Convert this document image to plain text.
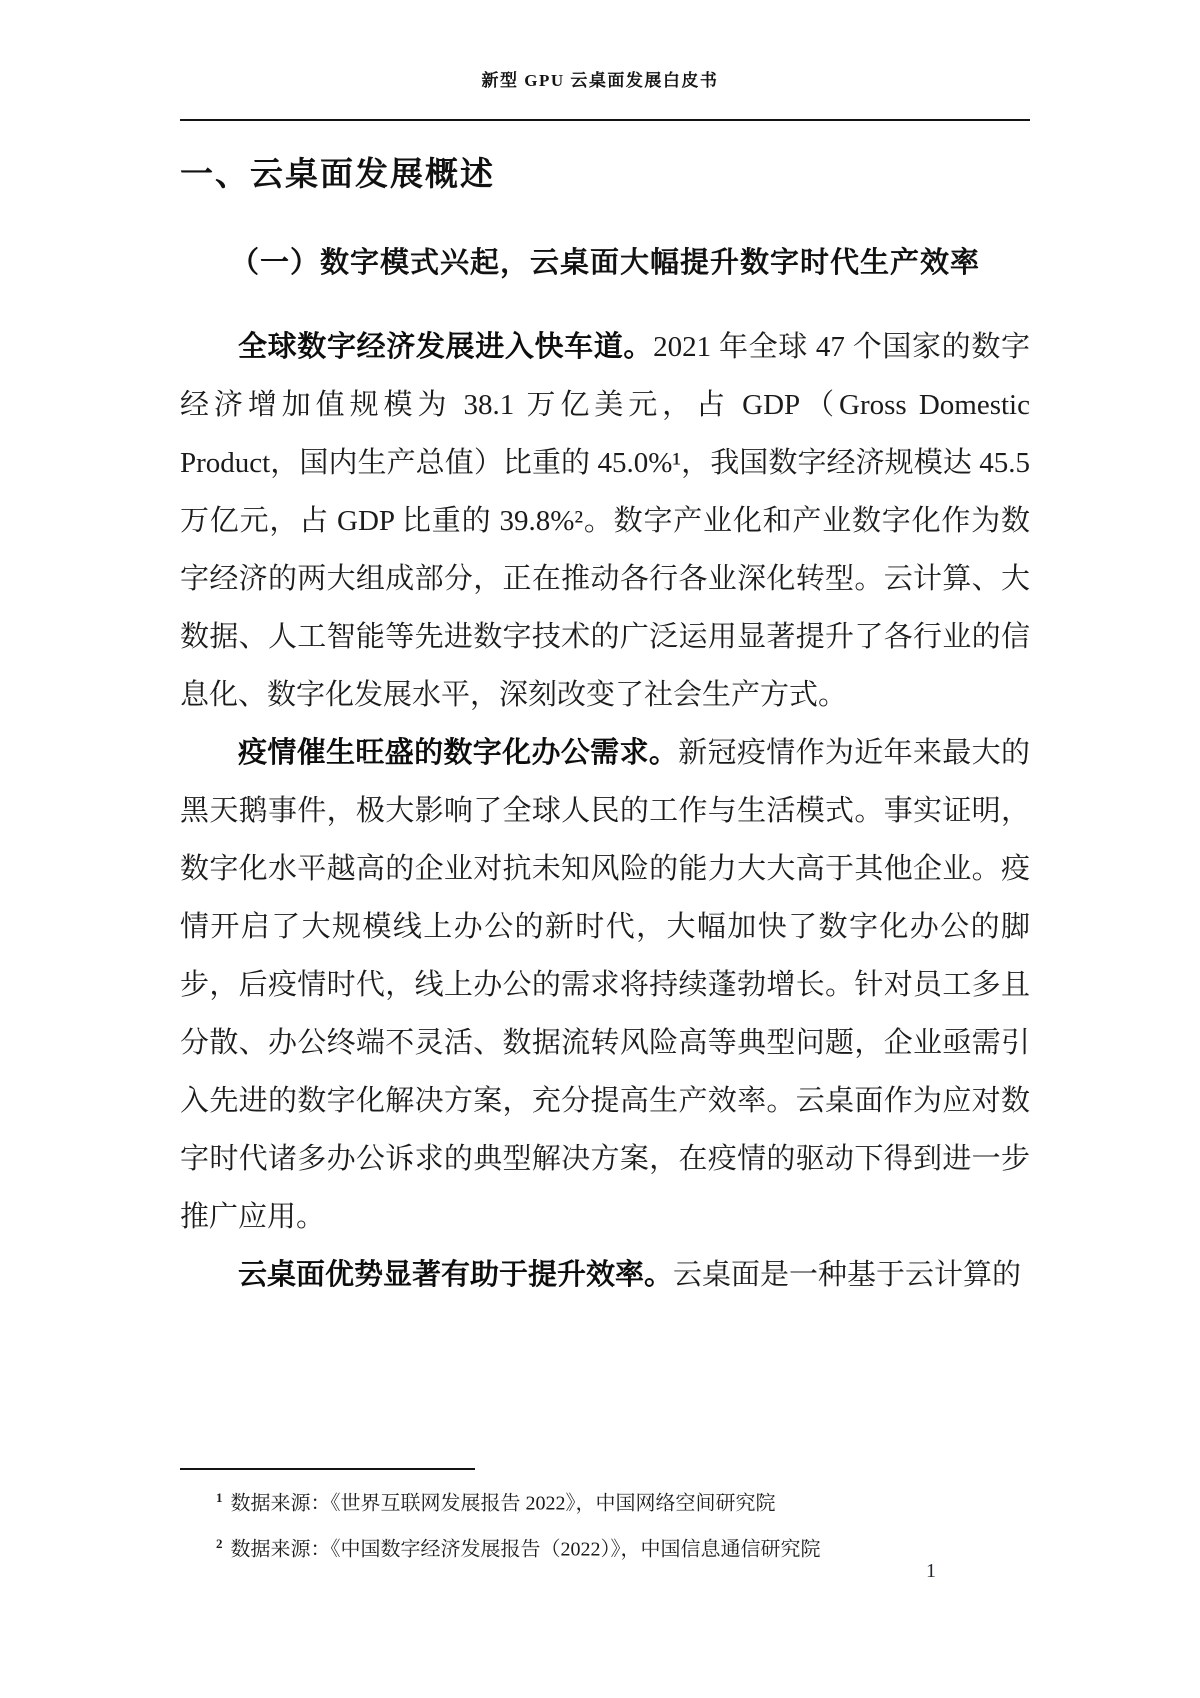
新型 GPU 云桌面发展白皮书
一、云桌面发展概述
（一）数字模式兴起，云桌面大幅提升数字时代生产效率

全球数字经济发展进入快车道。2021 年全球 47 个国家的数字经济增加值规模为 38.1 万亿美元，占 GDP（Gross Domestic Product，国内生产总值）比重的 45.0%¹，我国数字经济规模达 45.5 万亿元，占 GDP 比重的 39.8%²。数字产业化和产业数字化作为数字经济的两大组成部分，正在推动各行各业深化转型。云计算、大数据、人工智能等先进数字技术的广泛运用显著提升了各行业的信息化、数字化发展水平，深刻改变了社会生产方式。

疫情催生旺盛的数字化办公需求。新冠疫情作为近年来最大的黑天鹅事件，极大影响了全球人民的工作与生活模式。事实证明，数字化水平越高的企业对抗未知风险的能力大大高于其他企业。疫情开启了大规模线上办公的新时代，大幅加快了数字化办公的脚步，后疫情时代，线上办公的需求将持续蓬勃增长。针对员工多且分散、办公终端不灵活、数据流转风险高等典型问题，企业亟需引入先进的数字化解决方案，充分提高生产效率。云桌面作为应对数字时代诸多办公诉求的典型解决方案，在疫情的驱动下得到进一步推广应用。

云桌面优势显著有助于提升效率。云桌面是一种基于云计算的

$^1$ 数据来源：《世界互联网发展报告 2022》，中国网络空间研究院

$^2$ 数据来源：《中国数字经济发展报告（2022）》，中国信息通信研究院

1
